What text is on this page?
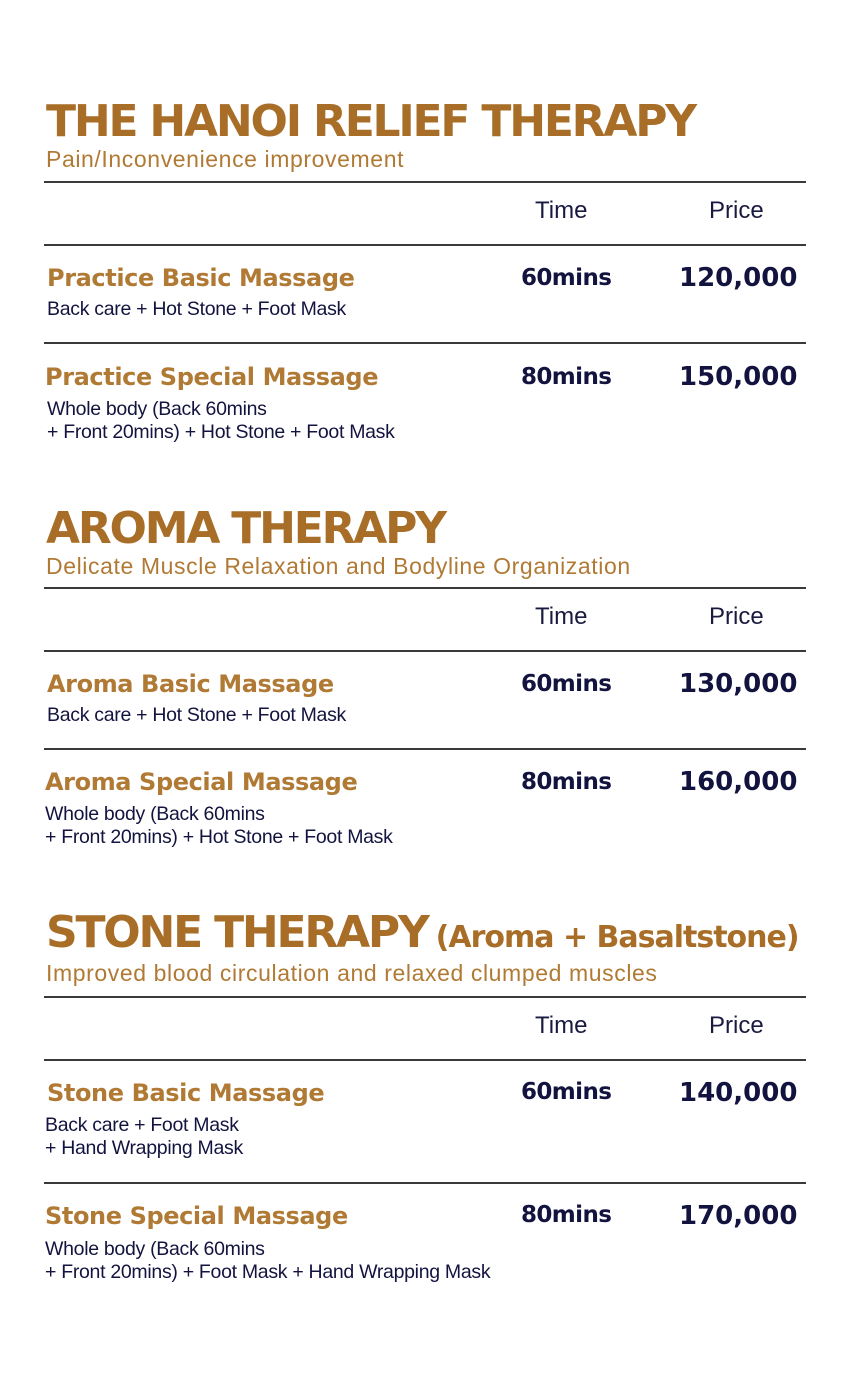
THE HANOI RELIEF THERAPY
Pain/Inconvenience improvement
Time	Price
Practice Basic Massage
Back care + Hot Stone + Foot Mask
60mins	120,000
Practice Special Massage
Whole body (Back 60mins
+ Front 20mins) + Hot Stone + Foot Mask
80mins	150,000
AROMA THERAPY
Delicate Muscle Relaxation and Bodyline Organization
Time	Price
Aroma Basic Massage
Back care + Hot Stone + Foot Mask
60mins	130,000
Aroma Special Massage
Whole body (Back 60mins
+ Front 20mins) + Hot Stone + Foot Mask
80mins	160,000
STONE THERAPY (Aroma + Basaltstone)
Improved blood circulation and relaxed clumped muscles
Time	Price
Stone Basic Massage
Back care + Foot Mask
+ Hand Wrapping Mask
60mins	140,000
Stone Special Massage
Whole body (Back 60mins
+ Front 20mins) + Foot Mask + Hand Wrapping Mask
80mins	170,000
